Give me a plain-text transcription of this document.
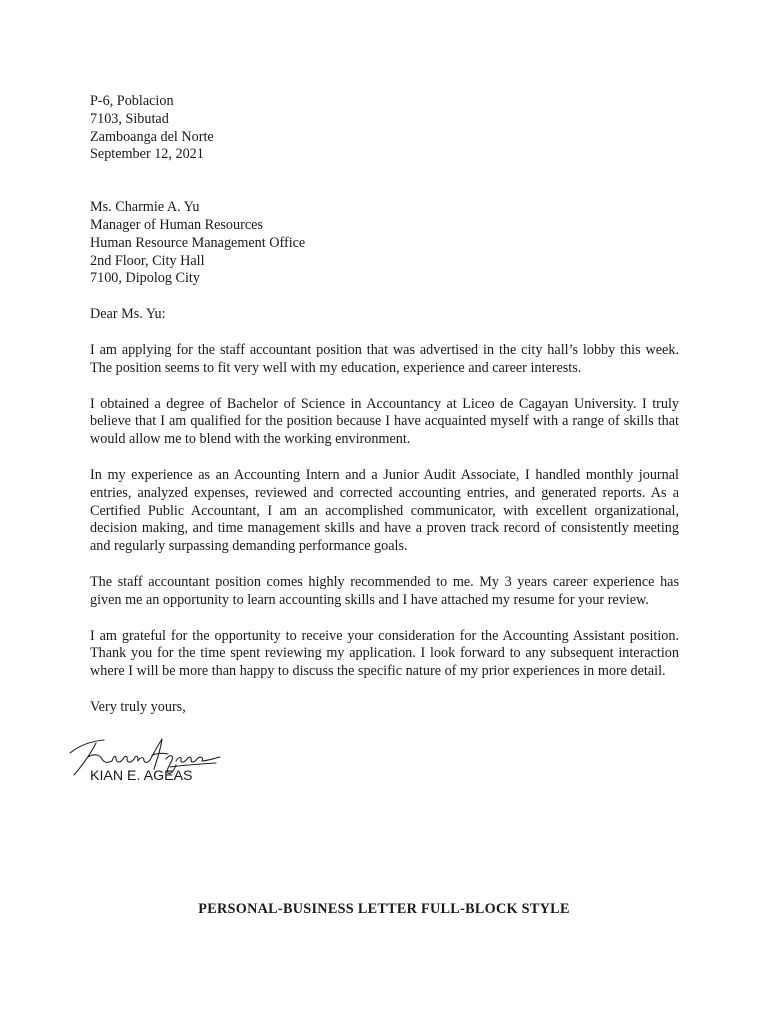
P-6, Poblacion
7103, Sibutad
Zamboanga del Norte
September 12, 2021
Ms. Charmie A. Yu
Manager of Human Resources
Human Resource Management Office
2nd Floor, City Hall
7100, Dipolog City

Dear Ms. Yu:

I am applying for the staff accountant position that was advertised in the city hall’s lobby this week. The position seems to fit very well with my education, experience and career interests.

I obtained a degree of Bachelor of Science in Accountancy at Liceo de Cagayan University. I truly believe that I am qualified for the position because I have acquainted myself with a range of skills that would allow me to blend with the working environment.

In my experience as an Accounting Intern and a Junior Audit Associate, I handled monthly journal entries, analyzed expenses, reviewed and corrected accounting entries, and generated reports. As a Certified Public Accountant, I am an accomplished communicator, with excellent organizational, decision making, and time management skills and have a proven track record of consistently meeting and regularly surpassing demanding performance goals.

The staff accountant position comes highly recommended to me. My 3 years career experience has given me an opportunity to learn accounting skills and I have attached my resume for your review.

I am grateful for the opportunity to receive your consideration for the Accounting Assistant position. Thank you for the time spent reviewing my application. I look forward to any subsequent interaction where I will be more than happy to discuss the specific nature of my prior experiences in more detail.

Very truly yours,

KIAN E. AGEAS
PERSONAL-BUSINESS LETTER FULL-BLOCK STYLE
